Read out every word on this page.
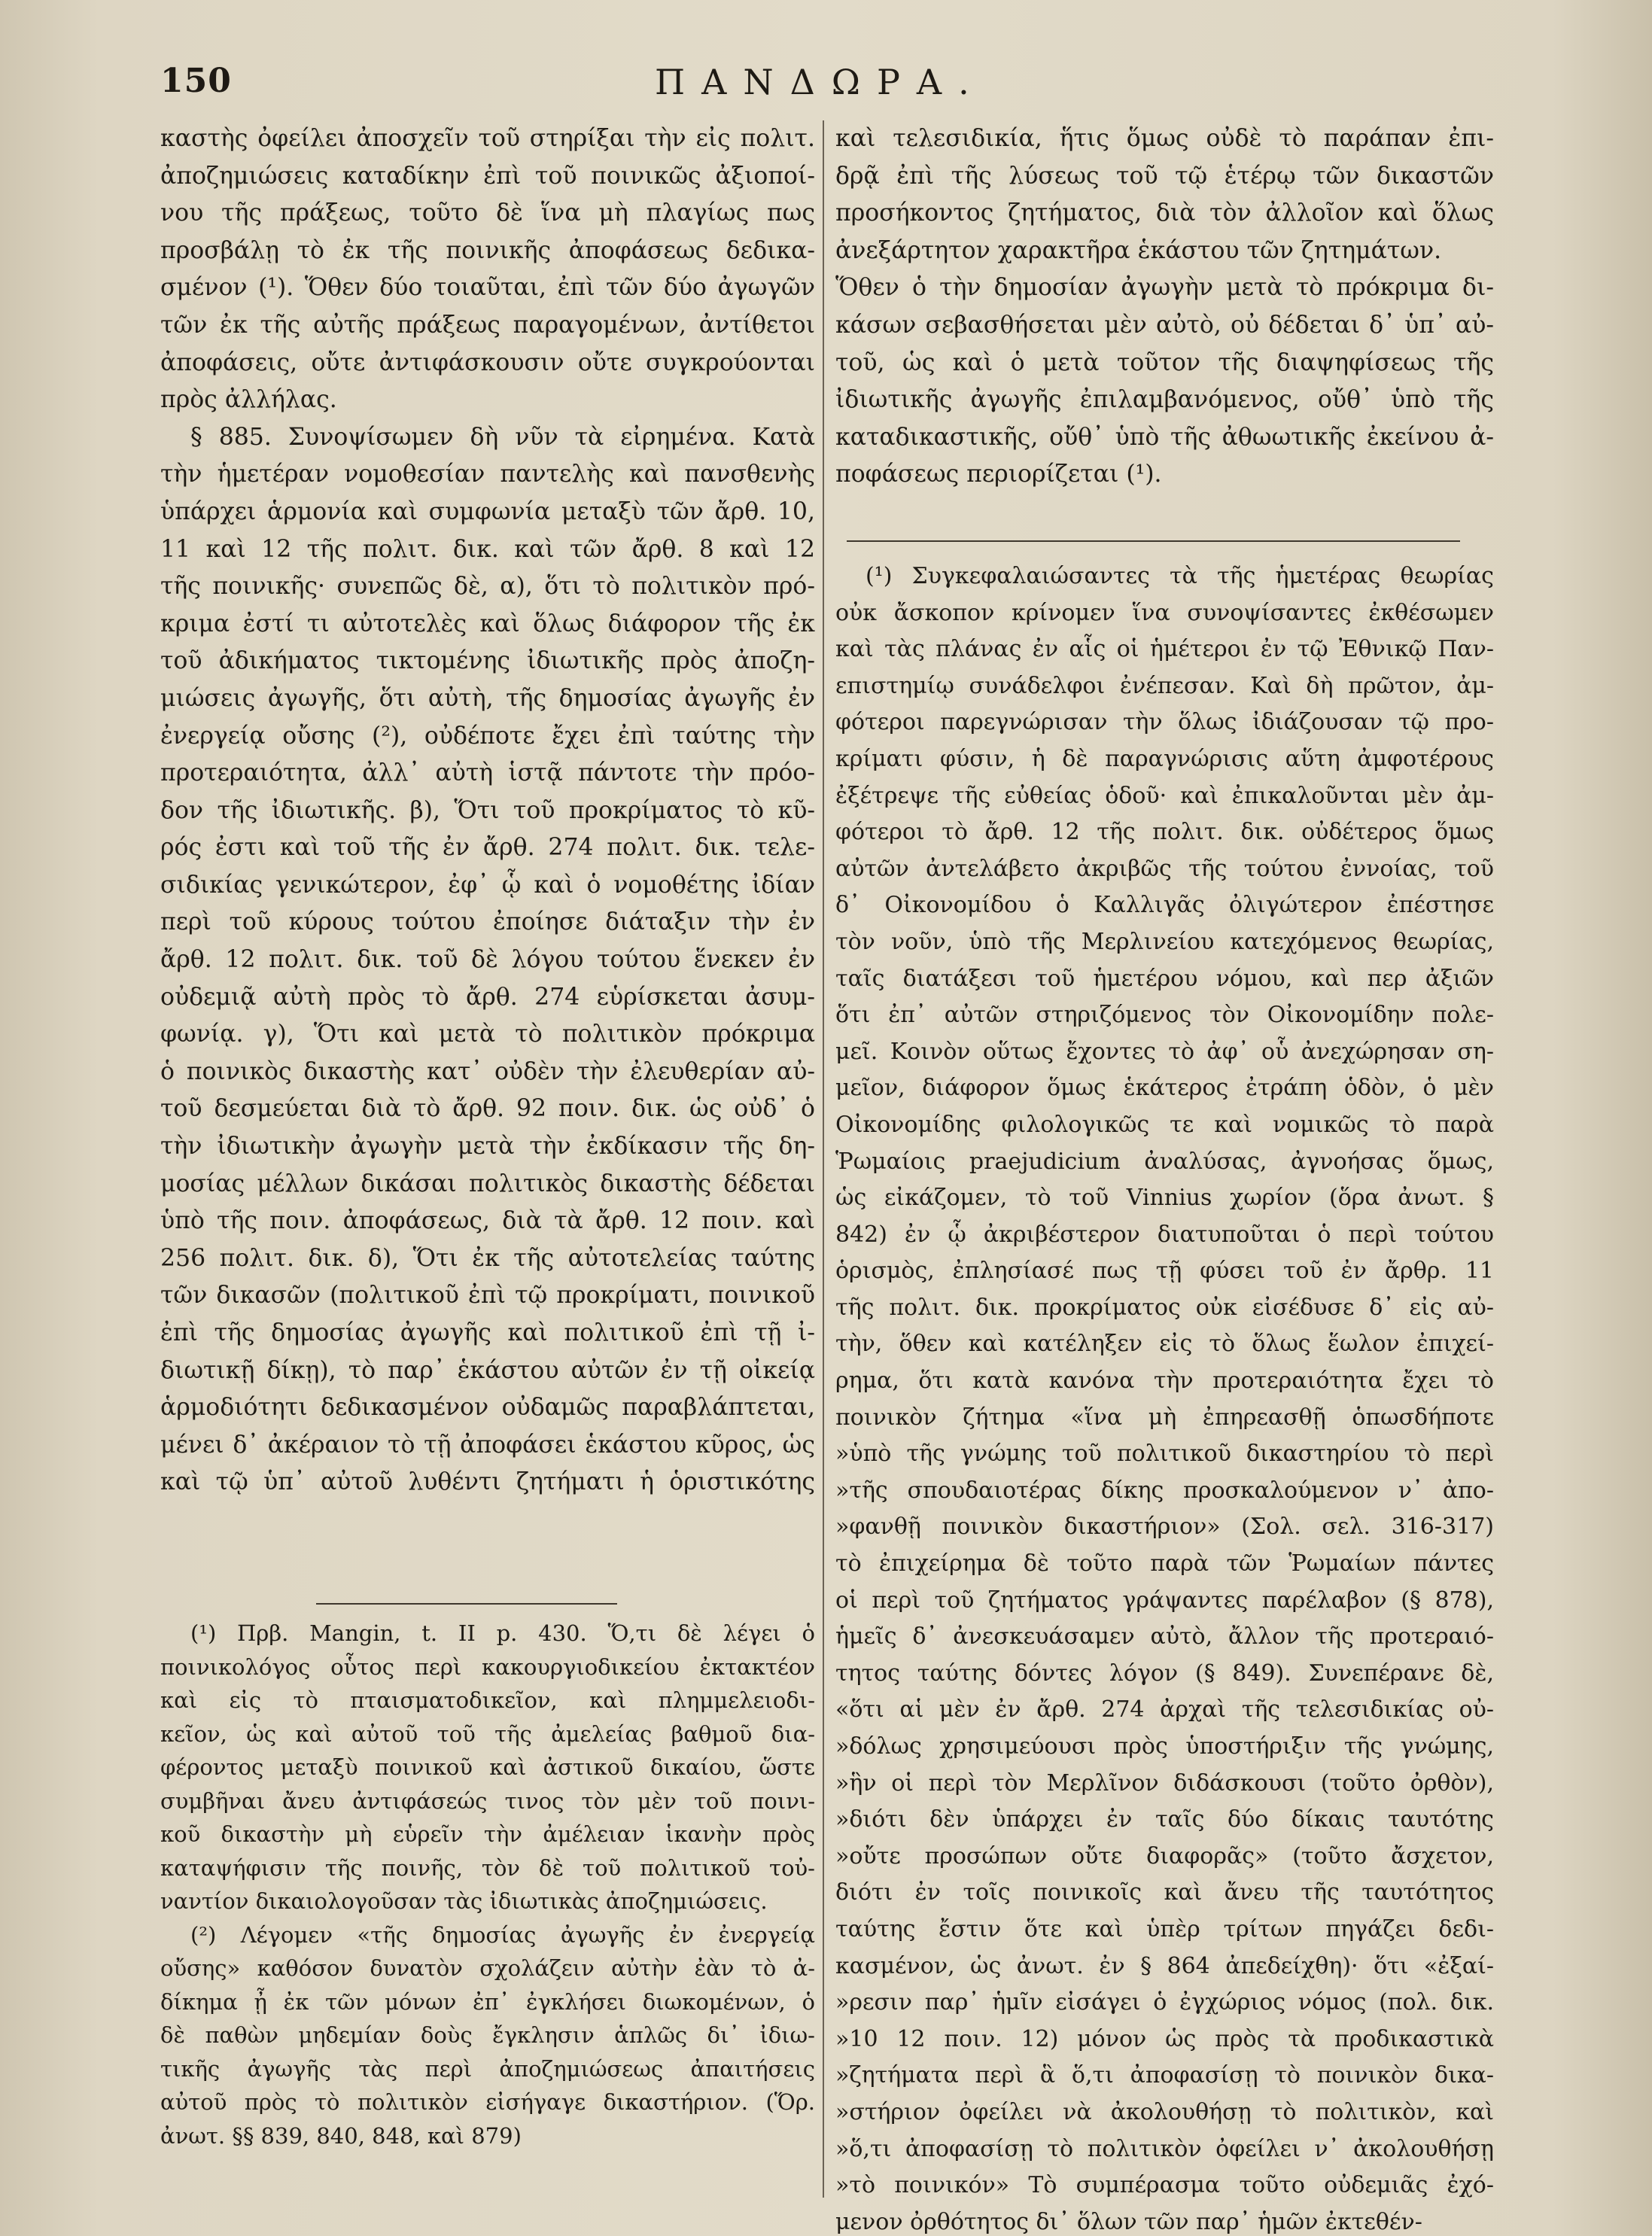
150	ΠΑΝΔΩΡΑ.
καστὴς ὀφείλει ἀποσχεῖν τοῦ στηρίξαι τὴν εἰς πολιτ.
ἀποζημιώσεις καταδίκην ἐπὶ τοῦ ποινικῶς ἀξιοποί-
νου τῆς πράξεως, τοῦτο δὲ ἵνα μὴ πλαγίως πως
προσβάλῃ τὸ ἐκ τῆς ποινικῆς ἀποφάσεως δεδικα-
σμένον (¹). Ὅθεν δύο τοιαῦται, ἐπὶ τῶν δύο ἀγωγῶν
τῶν ἐκ τῆς αὐτῆς πράξεως παραγομένων, ἀντίθετοι
ἀποφάσεις, οὔτε ἀντιφάσκουσιν οὔτε συγκρούονται
πρὸς ἀλλήλας.
§ 885. Συνοψίσωμεν δὴ νῦν τὰ εἰρημένα. Κατὰ
τὴν ἡμετέραν νομοθεσίαν παντελὴς καὶ πανσθενὴς
ὑπάρχει ἁρμονία καὶ συμφωνία μεταξὺ τῶν ἄρθ. 10,
11 καὶ 12 τῆς πολιτ. δικ. καὶ τῶν ἄρθ. 8 καὶ 12
τῆς ποινικῆς· συνεπῶς δὲ, α), ὅτι τὸ πολιτικὸν πρό-
κριμα ἐστί τι αὐτοτελὲς καὶ ὅλως διάφορον τῆς ἐκ
τοῦ ἀδικήματος τικτομένης ἰδιωτικῆς πρὸς ἀποζη-
μιώσεις ἀγωγῆς, ὅτι αὐτὴ, τῆς δημοσίας ἀγωγῆς ἐν
ἐνεργείᾳ οὔσης (²), οὐδέποτε ἔχει ἐπὶ ταύτης τὴν
προτεραιότητα, ἀλλ᾽ αὐτὴ ἱστᾷ πάντοτε τὴν πρόο-
δον τῆς ἰδιωτικῆς. β), Ὅτι τοῦ προκρίματος τὸ κῦ-
ρός ἐστι καὶ τοῦ τῆς ἐν ἄρθ. 274 πολιτ. δικ. τελε-
σιδικίας γενικώτερον, ἐφ᾽ ᾧ καὶ ὁ νομοθέτης ἰδίαν
περὶ τοῦ κύρους τούτου ἐποίησε διάταξιν τὴν ἐν
ἄρθ. 12 πολιτ. δικ. τοῦ δὲ λόγου τούτου ἕνεκεν ἐν
οὐδεμιᾷ αὐτὴ πρὸς τὸ ἄρθ. 274 εὑρίσκεται ἀσυμ-
φωνίᾳ. γ), Ὅτι καὶ μετὰ τὸ πολιτικὸν πρόκριμα
ὁ ποινικὸς δικαστὴς κατ᾽ οὐδὲν τὴν ἐλευθερίαν αὐ-
τοῦ δεσμεύεται διὰ τὸ ἄρθ. 92 ποιν. δικ. ὡς οὐδ᾽ ὁ
τὴν ἰδιωτικὴν ἀγωγὴν μετὰ τὴν ἐκδίκασιν τῆς δη-
μοσίας μέλλων δικάσαι πολιτικὸς δικαστὴς δέδεται
ὑπὸ τῆς ποιν. ἀποφάσεως, διὰ τὰ ἄρθ. 12 ποιν. καὶ
256 πολιτ. δικ. δ), Ὅτι ἐκ τῆς αὐτοτελείας ταύτης
τῶν δικασῶν (πολιτικοῦ ἐπὶ τῷ προκρίματι, ποινικοῦ
ἐπὶ τῆς δημοσίας ἀγωγῆς καὶ πολιτικοῦ ἐπὶ τῇ ἰ-
διωτικῇ δίκῃ), τὸ παρ᾽ ἑκάστου αὐτῶν ἐν τῇ οἰκείᾳ
ἁρμοδιότητι δεδικασμένον οὐδαμῶς παραβλάπτεται,
μένει δ᾽ ἀκέραιον τὸ τῇ ἀποφάσει ἑκάστου κῦρος, ὡς
καὶ τῷ ὑπ᾽ αὐτοῦ λυθέντι ζητήματι ἡ ὁριστικότης
καὶ τελεσιδικία, ἥτις ὅμως οὐδὲ τὸ παράπαν ἐπι-
δρᾷ ἐπὶ τῆς λύσεως τοῦ τῷ ἑτέρῳ τῶν δικαστῶν
προσήκοντος ζητήματος, διὰ τὸν ἀλλοῖον καὶ ὅλως
ἀνεξάρτητον χαρακτῆρα ἑκάστου τῶν ζητημάτων.
Ὅθεν ὁ τὴν δημοσίαν ἀγωγὴν μετὰ τὸ πρόκριμα δι-
κάσων σεβασθήσεται μὲν αὐτὸ, οὐ δέδεται δ᾽ ὑπ᾽ αὐ-
τοῦ, ὡς καὶ ὁ μετὰ τοῦτον τῆς διαψηφίσεως τῆς
ἰδιωτικῆς ἀγωγῆς ἐπιλαμβανόμενος, οὔθ᾽ ὑπὸ τῆς
καταδικαστικῆς, οὔθ᾽ ὑπὸ τῆς ἀθωωτικῆς ἐκείνου ἀ-
ποφάσεως περιορίζεται (¹).
(¹) Πρβ. Mangin, t. II p. 430. Ὅ,τι δὲ λέγει ὁ
ποινικολόγος οὗτος περὶ κακουργιοδικείου ἐκτακτέον
καὶ εἰς τὸ πταισματοδικεῖον, καὶ πλημμελειοδι-
κεῖον, ὡς καὶ αὐτοῦ τοῦ τῆς ἀμελείας βαθμοῦ δια-
φέροντος μεταξὺ ποινικοῦ καὶ ἀστικοῦ δικαίου, ὥστε
συμβῆναι ἄνευ ἀντιφάσεώς τινος τὸν μὲν τοῦ ποινι-
κοῦ δικαστὴν μὴ εὑρεῖν τὴν ἀμέλειαν ἱκανὴν πρὸς
καταψήφισιν τῆς ποινῆς, τὸν δὲ τοῦ πολιτικοῦ τοὐ-
ναντίον δικαιολογοῦσαν τὰς ἰδιωτικὰς ἀποζημιώσεις.
(²) Λέγομεν «τῆς δημοσίας ἀγωγῆς ἐν ἐνεργείᾳ
οὔσης» καθόσον δυνατὸν σχολάζειν αὐτὴν ἐὰν τὸ ἀ-
δίκημα ᾖ ἐκ τῶν μόνων ἐπ᾽ ἐγκλήσει διωκομένων, ὁ
δὲ παθὼν μηδεμίαν δοὺς ἔγκλησιν ἁπλῶς δι᾽ ἰδιω-
τικῆς ἀγωγῆς τὰς περὶ ἀποζημιώσεως ἀπαιτήσεις
αὐτοῦ πρὸς τὸ πολιτικὸν εἰσήγαγε δικαστήριον. (Ὅρ.
ἀνωτ. §§ 839, 840, 848, καὶ 879)
(¹) Συγκεφαλαιώσαντες τὰ τῆς ἡμετέρας θεωρίας
οὐκ ἄσκοπον κρίνομεν ἵνα συνοψίσαντες ἐκθέσωμεν
καὶ τὰς πλάνας ἐν αἷς οἱ ἡμέτεροι ἐν τῷ Ἐθνικῷ Παν-
επιστημίῳ συνάδελφοι ἐνέπεσαν. Καὶ δὴ πρῶτον, ἀμ-
φότεροι παρεγνώρισαν τὴν ὅλως ἰδιάζουσαν τῷ προ-
κρίματι φύσιν, ἡ δὲ παραγνώρισις αὕτη ἀμφοτέρους
ἐξέτρεψε τῆς εὐθείας ὁδοῦ· καὶ ἐπικαλοῦνται μὲν ἀμ-
φότεροι τὸ ἄρθ. 12 τῆς πολιτ. δικ. οὐδέτερος ὅμως
αὐτῶν ἀντελάβετο ἀκριβῶς τῆς τούτου ἐννοίας, τοῦ
δ᾽ Οἰκονομίδου ὁ Καλλιγᾶς ὀλιγώτερον ἐπέστησε
τὸν νοῦν, ὑπὸ τῆς Μερλινείου κατεχόμενος θεωρίας,
ταῖς διατάξεσι τοῦ ἡμετέρου νόμου, καὶ περ ἀξιῶν
ὅτι ἐπ᾽ αὐτῶν στηριζόμενος τὸν Οἰκονομίδην πολε-
μεῖ. Κοινὸν οὕτως ἔχοντες τὸ ἀφ᾽ οὗ ἀνεχώρησαν ση-
μεῖον, διάφορον ὅμως ἑκάτερος ἐτράπη ὁδὸν, ὁ μὲν
Οἰκονομίδης φιλολογικῶς τε καὶ νομικῶς τὸ παρὰ
Ῥωμαίοις praejudicium ἀναλύσας, ἀγνοήσας ὅμως,
ὡς εἰκάζομεν, τὸ τοῦ Vinnius χωρίον (ὅρα ἀνωτ. §
842) ἐν ᾧ ἀκριβέστερον διατυποῦται ὁ περὶ τούτου
ὁρισμὸς, ἐπλησίασέ πως τῇ φύσει τοῦ ἐν ἄρθρ. 11
τῆς πολιτ. δικ. προκρίματος οὐκ εἰσέδυσε δ᾽ εἰς αὐ-
τὴν, ὅθεν καὶ κατέληξεν εἰς τὸ ὅλως ἕωλον ἐπιχεί-
ρημα, ὅτι κατὰ κανόνα τὴν προτεραιότητα ἔχει τὸ
ποινικὸν ζήτημα «ἵνα μὴ ἐπηρεασθῇ ὁπωσδήποτε
»ὑπὸ τῆς γνώμης τοῦ πολιτικοῦ δικαστηρίου τὸ περὶ
»τῆς σπουδαιοτέρας δίκης προσκαλούμενον ν᾽ ἀπο-
»φανθῇ ποινικὸν δικαστήριον» (Σολ. σελ. 316-317)
τὸ ἐπιχείρημα δὲ τοῦτο παρὰ τῶν Ῥωμαίων πάντες
οἱ περὶ τοῦ ζητήματος γράψαντες παρέλαβον (§ 878),
ἡμεῖς δ᾽ ἀνεσκευάσαμεν αὐτὸ, ἄλλον τῆς προτεραιό-
τητος ταύτης δόντες λόγον (§ 849). Συνεπέρανε δὲ,
«ὅτι αἱ μὲν ἐν ἄρθ. 274 ἀρχαὶ τῆς τελεσιδικίας οὐ-
»δόλως χρησιμεύουσι πρὸς ὑποστήριξιν τῆς γνώμης,
»ἣν οἱ περὶ τὸν Μερλῖνον διδάσκουσι (τοῦτο ὀρθὸν),
»διότι δὲν ὑπάρχει ἐν ταῖς δύο δίκαις ταυτότης
»οὔτε προσώπων οὔτε διαφορᾶς» (τοῦτο ἄσχετον,
διότι ἐν τοῖς ποινικοῖς καὶ ἄνευ τῆς ταυτότητος
ταύτης ἔστιν ὅτε καὶ ὑπὲρ τρίτων πηγάζει δεδι-
κασμένον, ὡς ἀνωτ. ἐν § 864 ἀπεδείχθη)· ὅτι «ἐξαί-
»ρεσιν παρ᾽ ἡμῖν εἰσάγει ὁ ἐγχώριος νόμος (πολ. δικ.
»10 12 ποιν. 12) μόνον ὡς πρὸς τὰ προδικαστικὰ
»ζητήματα περὶ ἃ ὅ,τι ἀποφασίσῃ τὸ ποινικὸν δικα-
»στήριον ὀφείλει νὰ ἀκολουθήσῃ τὸ πολιτικὸν, καὶ
»ὅ,τι ἀποφασίσῃ τὸ πολιτικὸν ὀφείλει ν᾽ ἀκολουθήσῃ
»τὸ ποινικόν» Τὸ συμπέρασμα τοῦτο οὐδεμιᾶς ἐχό-
μενον ὀρθότητος δι᾽ ὅλων τῶν παρ᾽ ἡμῶν ἐκτεθέν-
